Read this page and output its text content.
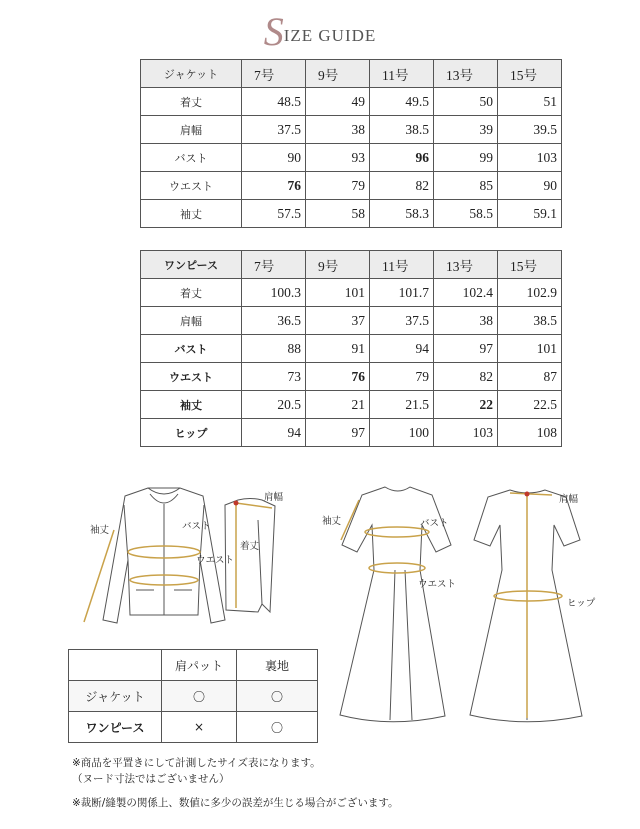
SIZE GUIDE
ジャケット	7号	9号	11号	13号	15号
着丈	48.5	49	49.5	50	51
肩幅	37.5	38	38.5	39	39.5
バスト	90	93	96	99	103
ウエスト	76	79	82	85	90
袖丈	57.5	58	58.3	58.5	59.1
ワンピース	7号	9号	11号	13号	15号
着丈	100.3	101	101.7	102.4	102.9
肩幅	36.5	37	37.5	38	38.5
バスト	88	91	94	97	101
ウエスト	73	76	79	82	87
袖丈	20.5	21	21.5	22	22.5
ヒップ	94	97	100	103	108
袖丈	バスト
ウエスト
着丈
肩幅
袖丈	バスト
ウエスト
肩幅
ヒップ
	肩パット	裏地
ジャケット	〇	〇
ワンピース	×	〇
※商品を平置きにして計測したサイズ表になります。
（ヌード寸法ではございません）
※裁断/縫製の関係上、数値に多少の誤差が生じる場合がございます。
